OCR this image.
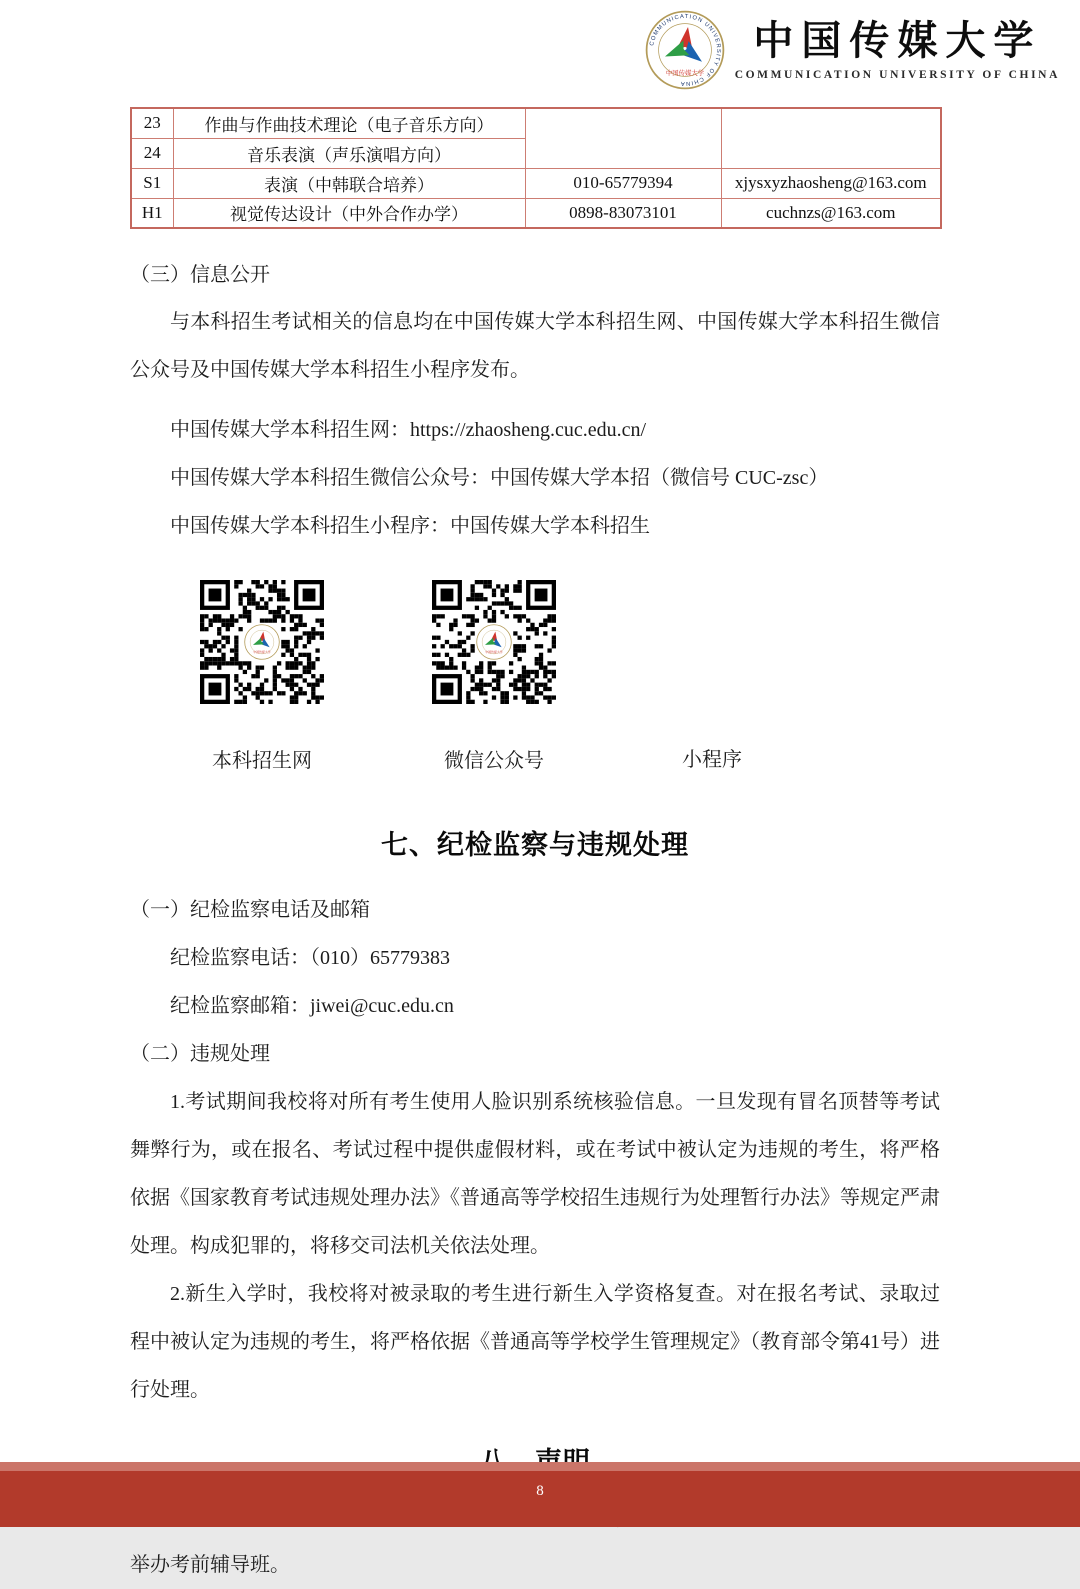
COMMUNICATION UNIVERSITY OF CHINA
中国传媒大学
中国传媒大学
COMMUNICATION UNIVERSITY OF CHINA
23	作曲与作曲技术理论（电子音乐方向）		
24	音乐表演（声乐演唱方向）		
S1	表演（中韩联合培养）	010-65779394	xjysxyzhaosheng@163.com
H1	视觉传达设计（中外合作办学）	0898-83073101	cuchnzs@163.com
（三）信息公开
与本科招生考试相关的信息均在中国传媒大学本科招生网、中国传媒大学本科招生微信公众号及中国传媒大学本科招生小程序发布。
中国传媒大学本科招生网：https://zhaosheng.cuc.edu.cn/
中国传媒大学本科招生微信公众号：中国传媒大学本招（微信号 CUC-zsc）
中国传媒大学本科招生小程序：中国传媒大学本科招生
中国传媒大学
本科招生网
中国传媒大学
微信公众号	小程序
七、纪检监察与违规处理
（一）纪检监察电话及邮箱
纪检监察电话：（010）65779383
纪检监察邮箱：jiwei@cuc.edu.cn
（二）违规处理
1.考试期间我校将对所有考生使用人脸识别系统核验信息。一旦发现有冒名顶替等考试舞弊行为，或在报名、考试过程中提供虚假材料，或在考试中被认定为违规的考生，将严格依据《国家教育考试违规处理办法》《普通高等学校招生违规行为处理暂行办法》等规定严肃处理。构成犯罪的，将移交司法机关依法处理。
2.新生入学时，我校将对被录取的考生进行新生入学资格复查。对在报名考试、录取过程中被认定为违规的考生，将严格依据《普通高等学校学生管理规定》（教育部令第41号）进行处理。
举办考前辅导班。
8
